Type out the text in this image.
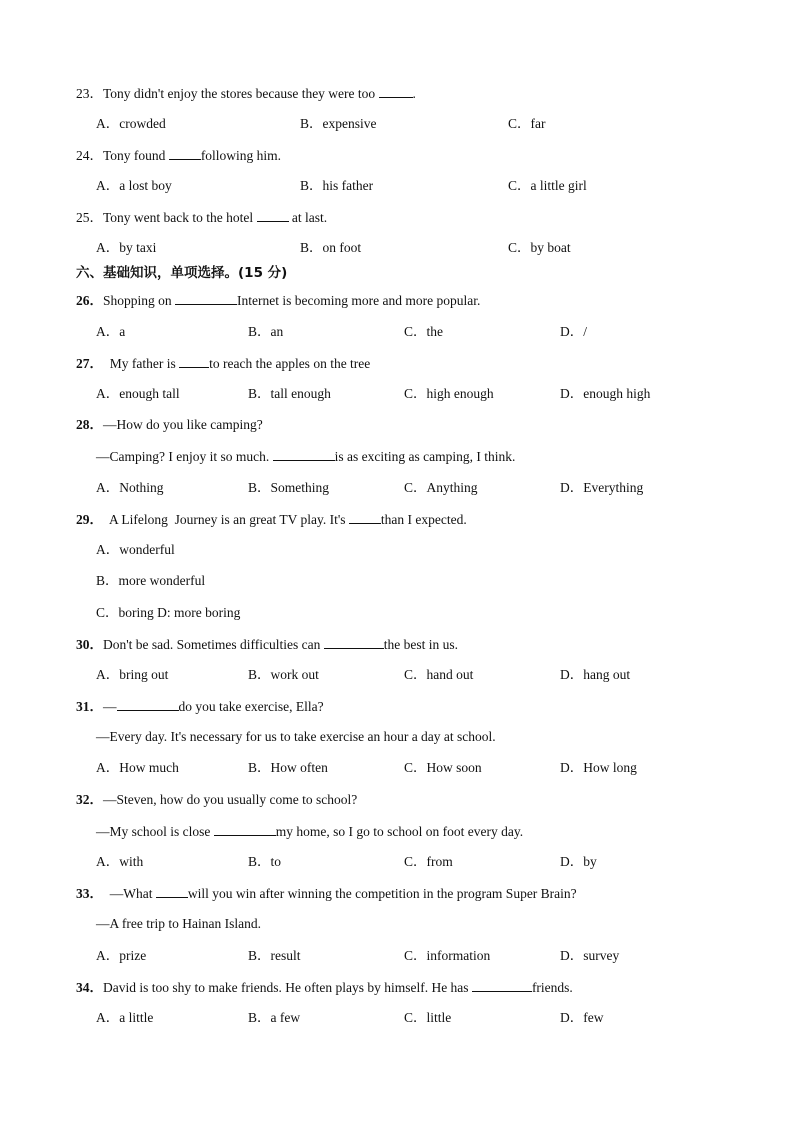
23．Tony didn't enjoy the stores because they were too	.
A．crowded	B．expensive	C．far
24．Tony found following him.
A．a lost boy	B．his father	C．a little girl
25．Tony went back to the hotel  at last.
A．by taxi	B．on foot	C．by boat
六、基础知识，单项选择。(15 分)
26．Shopping on	Internet is becoming more and more popular.
A．a	B．an	C．the	D．/
27．  My father is to reach the apples on the tree
A．enough tall	B．tall enough	C．high enough	D．enough high
28．—How do you like camping?
—Camping? I enjoy it so much.	is as exciting as camping, I think.
A．Nothing	B．Something	C．Anything	D．Everything
29．  A Lifelong  Journey is an great TV play. It's than I expected.
A．wonderful
B．more wonderful
C．boring D: more boring
30．Don't be sad. Sometimes difficulties can	the best in us.
A．bring out	B．work out	C．hand out	D．hang out
31．—	do you take exercise, Ella?
—Every day. It's necessary for us to take exercise an hour a day at school.
A．How much	B．How often	C．How soon	D．How long
32．—Steven, how do you usually come to school?
—My school is close	my home, so I go to school on foot every day.
A．with	B．to	C．from	D．by
33．  —What will you win after winning the competition in the program Super Brain?
—A free trip to Hainan Island.
A．prize	B．result	C．information	D．survey
34．David is too shy to make friends. He often plays by himself. He has	friends.
A．a little	B．a few	C．little	D．few
